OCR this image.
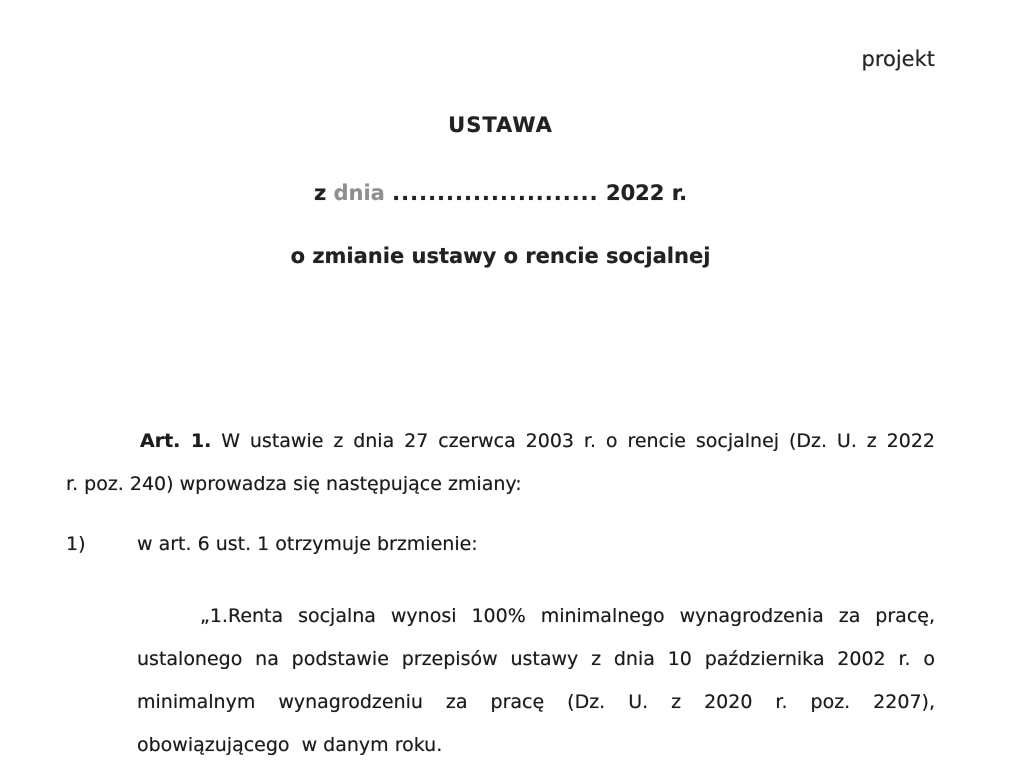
projekt
USTAWA
z dnia ....................... 2022 r.
o zmianie ustawy o rencie socjalnej
Art. 1. W ustawie z dnia 27 czerwca 2003 r. o rencie socjalnej (Dz. U. z 2022
r. poz. 240) wprowadza się następujące zmiany:
1)	w art. 6 ust. 1 otrzymuje brzmienie:
„1.Renta socjalna wynosi 100% minimalnego wynagrodzenia za pracę,
ustalonego na podstawie przepisów ustawy z dnia 10 października 2002 r. o
minimalnym wynagrodzeniu za pracę (Dz. U. z 2020 r. poz. 2207),
obowiązującego  w danym roku.
